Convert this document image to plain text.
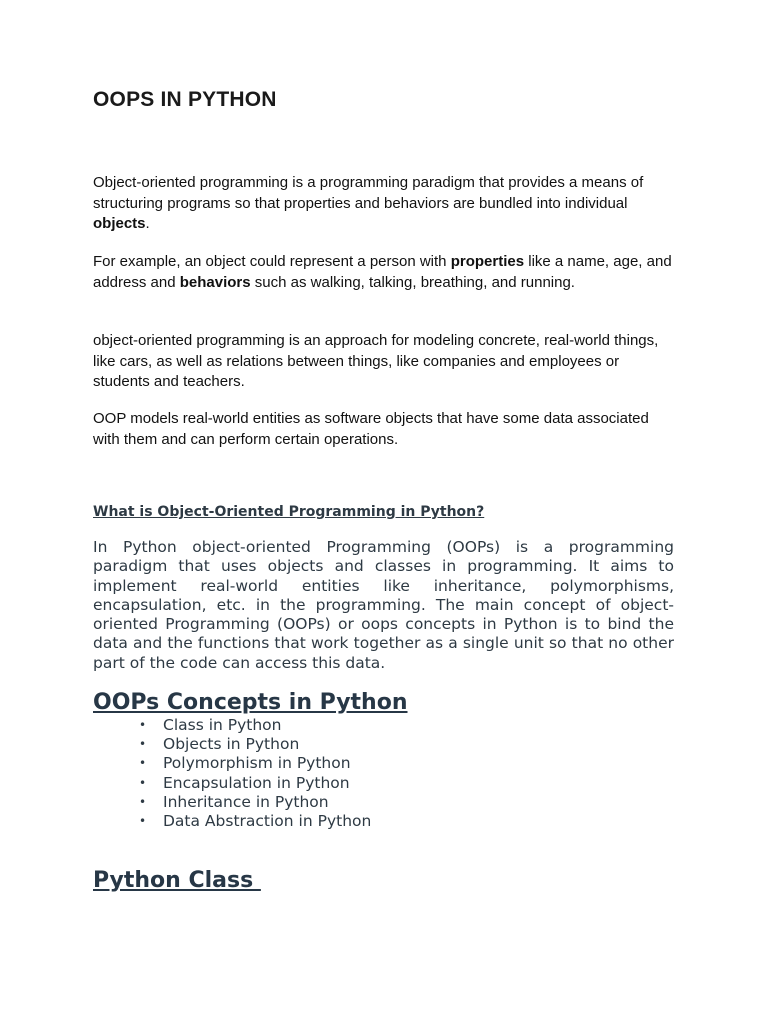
OOPS IN PYTHON

Object-oriented programming is a programming paradigm that provides a means of structuring programs so that properties and behaviors are bundled into individual objects.

For example, an object could represent a person with properties like a name, age, and address and behaviors such as walking, talking, breathing, and running.

object-oriented programming is an approach for modeling concrete, real-world things, like cars, as well as relations between things, like companies and employees or students and teachers.

OOP models real-world entities as software objects that have some data associated with them and can perform certain operations.

What is Object-Oriented Programming in Python?

In Python object-oriented Programming (OOPs) is a programming paradigm that uses objects and classes in programming. It aims to implement real-world entities like inheritance, polymorphisms, encapsulation, etc. in the programming. The main concept of object-oriented Programming (OOPs) or oops concepts in Python is to bind the data and the functions that work together as a single unit so that no other part of the code can access this data.

OOPs Concepts in Python
• Class in Python
• Objects in Python
• Polymorphism in Python
• Encapsulation in Python
• Inheritance in Python
• Data Abstraction in Python
Python Class
